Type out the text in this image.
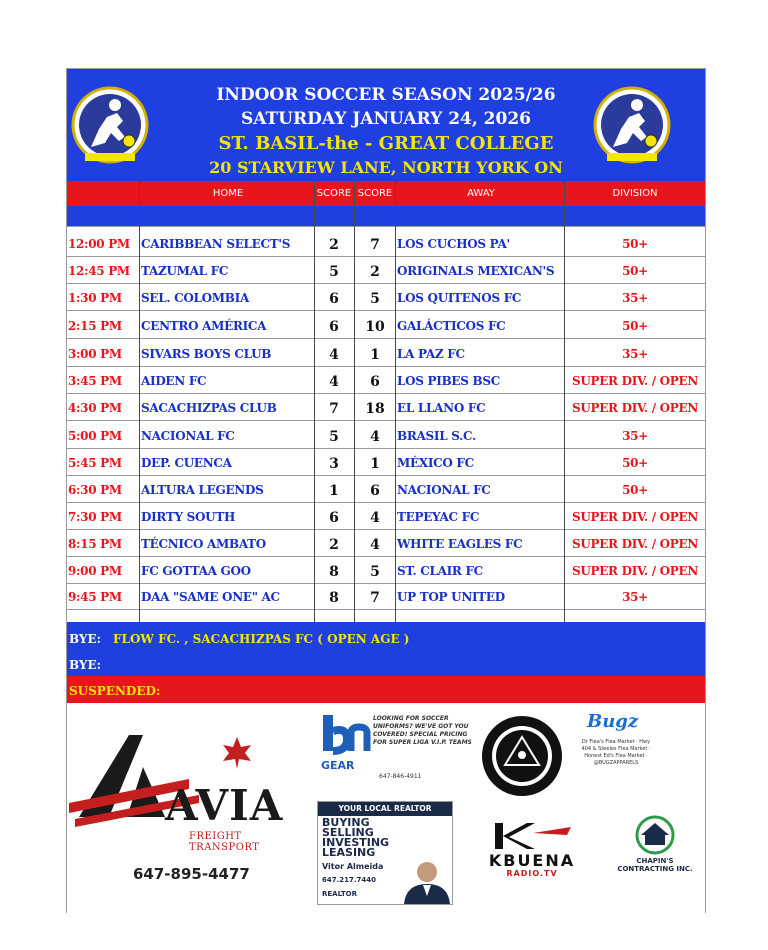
INDOOR SOCCER SEASON 2025/26
SATURDAY JANUARY 24, 2026
ST. BASIL-the - GREAT COLLEGE
20 STARVIEW LANE, NORTH YORK ON
HOME	SCORE SCORE	AWAY	DIVISION
12:00 PM CARIBBEAN SELECT'S	2	7	LOS CUCHOS PA'	50+
12:45 PM TAZUMAL FC	5	2	ORIGINALS MEXICAN'S	50+
1:30 PM SEL. COLOMBIA	6	5	LOS QUITENOS FC	35+
2:15 PM CENTRO AMÉRICA	6	10	GALÁCTICOS FC	50+
3:00 PM SIVARS BOYS CLUB	4	1	LA PAZ FC	35+
3:45 PM AIDEN FC	4	6	LOS PIBES BSC	SUPER DIV. / OPEN
4:30 PM SACACHIZPAS CLUB	7	18	EL LLANO FC	SUPER DIV. / OPEN
5:00 PM NACIONAL FC	5	4	BRASIL S.C.	35+
5:45 PM DEP. CUENCA	3	1	MÉXICO FC	50+
6:30 PM ALTURA LEGENDS	1	6	NACIONAL FC	50+
7:30 PM DIRTY SOUTH	6	4	TEPEYAC FC	SUPER DIV. / OPEN
8:15 PM TÉCNICO AMBATO	2	4	WHITE EAGLES FC	SUPER DIV. / OPEN
9:00 PM FC GOTTAA GOO	8	5	ST. CLAIR FC	SUPER DIV. / OPEN
9:45 PM DAA "SAME ONE" AC	8	7	UP TOP UNITED	35+
BYE: FLOW FC. , SACACHIZPAS FC ( OPEN AGE )
BYE:
SUSPENDED:
AVIA
FREIGHT TRANSPORT
647-895-4477
GEAR
LOOKING FOR SOCCER UNIFORMS? WE'VE GOT YOU COVERED! SPECIAL PRICING FOR SUPER LIGA V.I.P. TEAMS
647-846-4911
YOUR LOCAL REALTOR
BUYING
SELLING
INVESTING
LEASING
Vitor Almeida
647.217.7440
REALTOR
Bugz
Dr Flea's Flea Market · Hwy 404 & Steeles Flea Market · Honest Ed's Flea Market · @BUGZAPPARELS
KBUENA
RADIO.TV
CHAPIN'S CONTRACTING INC.
